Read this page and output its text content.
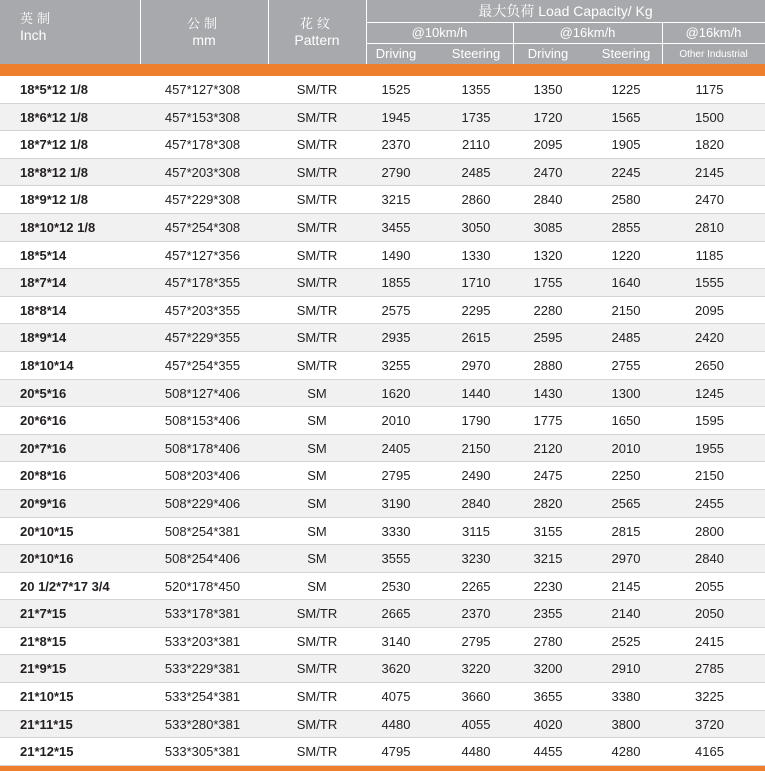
英制
Inch
公制
mm
花纹
Pattern
最大负荷 Load Capacity/ Kg
@10km/h	@16km/h	@16km/h
Driving	Steering	Driving	Steering	Other Industrial
18*5*12 1/8	457*127*308	SM/TR	1525	1355	1350	1225	1175
18*6*12 1/8	457*153*308	SM/TR	1945	1735	1720	1565	1500
18*7*12 1/8	457*178*308	SM/TR	2370	2110	2095	1905	1820
18*8*12 1/8	457*203*308	SM/TR	2790	2485	2470	2245	2145
18*9*12 1/8	457*229*308	SM/TR	3215	2860	2840	2580	2470
18*10*12 1/8	457*254*308	SM/TR	3455	3050	3085	2855	2810
18*5*14	457*127*356	SM/TR	1490	1330	1320	1220	1185
18*7*14	457*178*355	SM/TR	1855	1710	1755	1640	1555
18*8*14	457*203*355	SM/TR	2575	2295	2280	2150	2095
18*9*14	457*229*355	SM/TR	2935	2615	2595	2485	2420
18*10*14	457*254*355	SM/TR	3255	2970	2880	2755	2650
20*5*16	508*127*406	SM	1620	1440	1430	1300	1245
20*6*16	508*153*406	SM	2010	1790	1775	1650	1595
20*7*16	508*178*406	SM	2405	2150	2120	2010	1955
20*8*16	508*203*406	SM	2795	2490	2475	2250	2150
20*9*16	508*229*406	SM	3190	2840	2820	2565	2455
20*10*15	508*254*381	SM	3330	3115	3155	2815	2800
20*10*16	508*254*406	SM	3555	3230	3215	2970	2840
20 1/2*7*17 3/4	520*178*450	SM	2530	2265	2230	2145	2055
21*7*15	533*178*381	SM/TR	2665	2370	2355	2140	2050
21*8*15	533*203*381	SM/TR	3140	2795	2780	2525	2415
21*9*15	533*229*381	SM/TR	3620	3220	3200	2910	2785
21*10*15	533*254*381	SM/TR	4075	3660	3655	3380	3225
21*11*15	533*280*381	SM/TR	4480	4055	4020	3800	3720
21*12*15	533*305*381	SM/TR	4795	4480	4455	4280	4165
